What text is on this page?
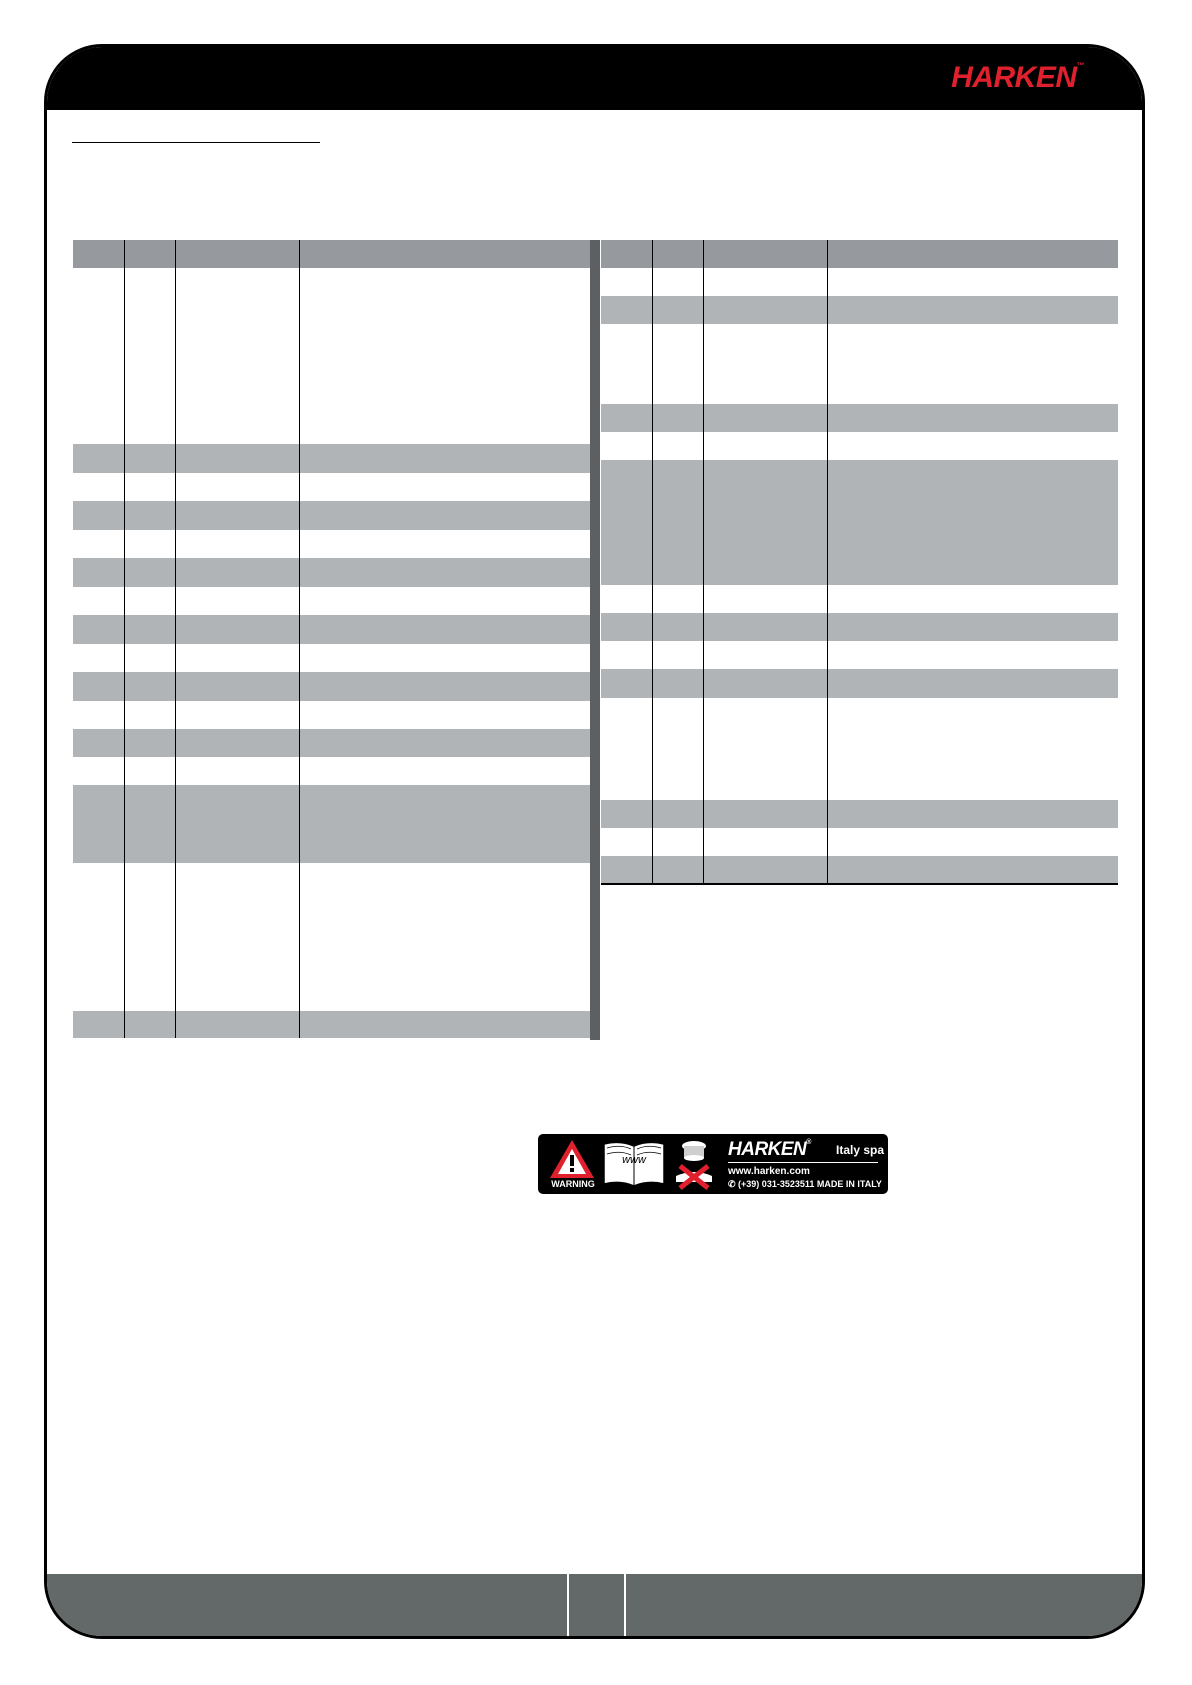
HARKEN™

WARNING
www	HARKEN®
Italy spa
www.harken.com
✆ (+39) 031-3523511 MADE IN ITALY
